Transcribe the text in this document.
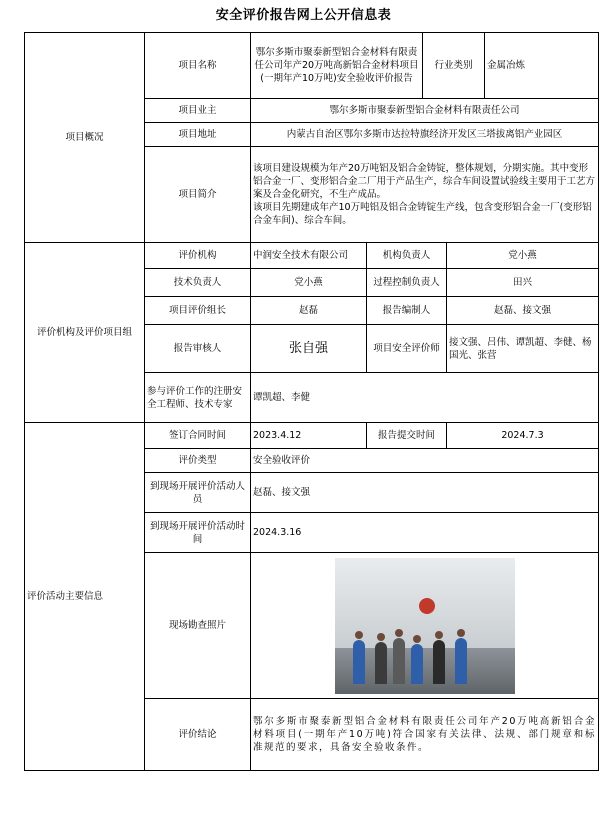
安全评价报告网上公开信息表
项目概况	项目名称	鄂尔多斯市聚泰新型铝合金材料有限责任公司年产20万吨高新铝合金材料项目(一期年产10万吨)安全验收评价报告		行业类别		金属冶炼
	项目业主	鄂尔多斯市聚泰新型铝合金材料有限责任公司				
	项目地址	内蒙古自治区鄂尔多斯市达拉特旗经济开发区三塔拔离铝产业园区				
	项目简介	该项目建设规模为年产20万吨铝及铝合金铸锭，整体规划，分期实施。其中变形铝合金一厂、变形铝合金二厂用于产品生产，综合车间设置试验线主要用于工艺方案及合金化研究，不生产成品。
该项目先期建成年产10万吨铝及铝合金铸锭生产线，包含变形铝合金一厂(变形铝合金车间)、综合车间。				

评价机构及评价项目组	评价机构	中润安全技术有限公司	机构负责人		党小燕	
	技术负责人	党小燕	过程控制负责人		田兴	
	项目评价组长	赵磊	报告编制人		赵磊、接文强	
	报告审核人	张自强	项目安全评价师		接文强、吕伟、谭凯超、李健、杨国光、张营	
	参与评价工作的注册安全工程师、技术专家	谭凯超、李健				
评价活动主要信息	签订合同时间	2023.4.12	报告提交时间		2024.7.3	
	评价类型	安全验收评价				
	到现场开展评价活动人员	赵磊、接文强				
	到现场开展评价活动时间	2024.3.16				
	现场勘查照片					

	评价结论	鄂尔多斯市聚泰新型铝合金材料有限责任公司年产20万吨高新铝合金材料项目(一期年产10万吨)符合国家有关法律、法规、部门规章和标准规范的要求，具备安全验收条件。				
